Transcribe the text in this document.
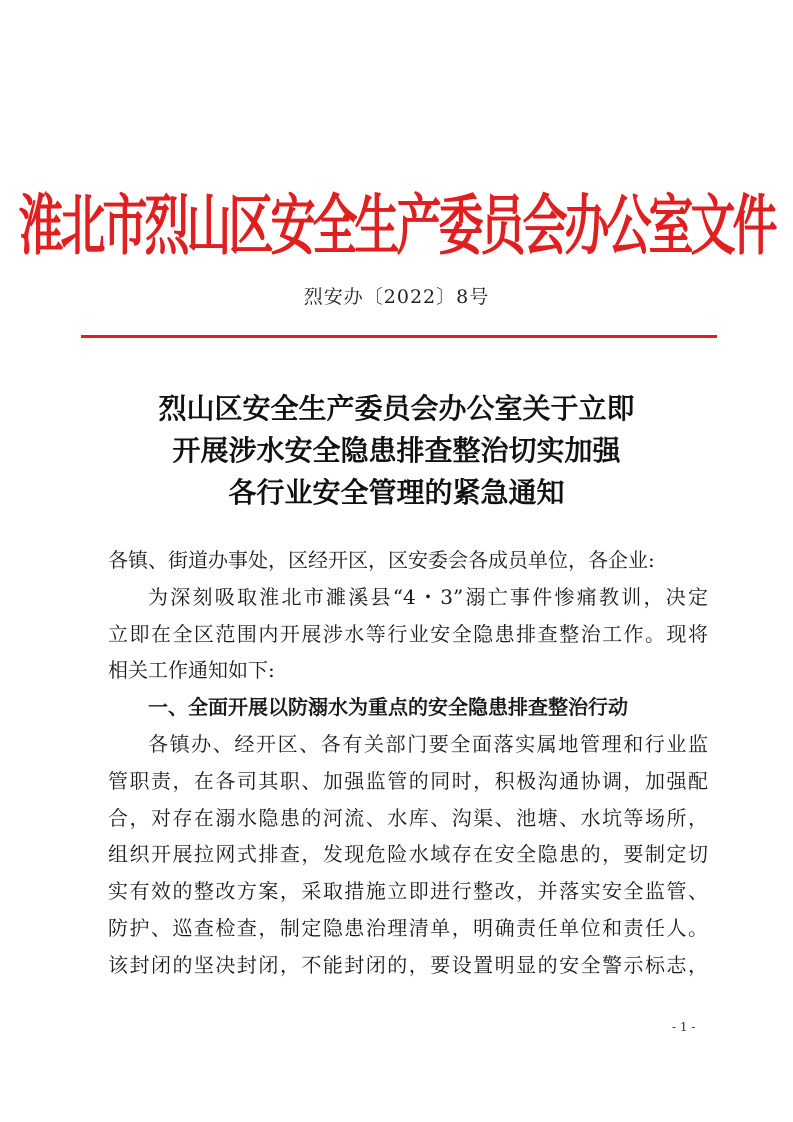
淮北市烈山区安全生产委员会办公室文件
烈安办〔2022〕8号
烈山区安全生产委员会办公室关于立即
开展涉水安全隐患排查整治切实加强
各行业安全管理的紧急通知
各镇、街道办事处，区经开区，区安委会各成员单位，各企业:
为深刻吸取淮北市濉溪县“4・3”溺亡事件惨痛教训，决定
立即在全区范围内开展涉水等行业安全隐患排查整治工作。现将
相关工作通知如下:
一、全面开展以防溺水为重点的安全隐患排查整治行动
各镇办、经开区、各有关部门要全面落实属地管理和行业监
管职责，在各司其职、加强监管的同时，积极沟通协调，加强配
合，对存在溺水隐患的河流、水库、沟渠、池塘、水坑等场所，
组织开展拉网式排查，发现危险水域存在安全隐患的，要制定切
实有效的整改方案，采取措施立即进行整改，并落实安全监管、
防护、巡查检查，制定隐患治理清单，明确责任单位和责任人。
该封闭的坚决封闭，不能封闭的，要设置明显的安全警示标志，
- 1 -
